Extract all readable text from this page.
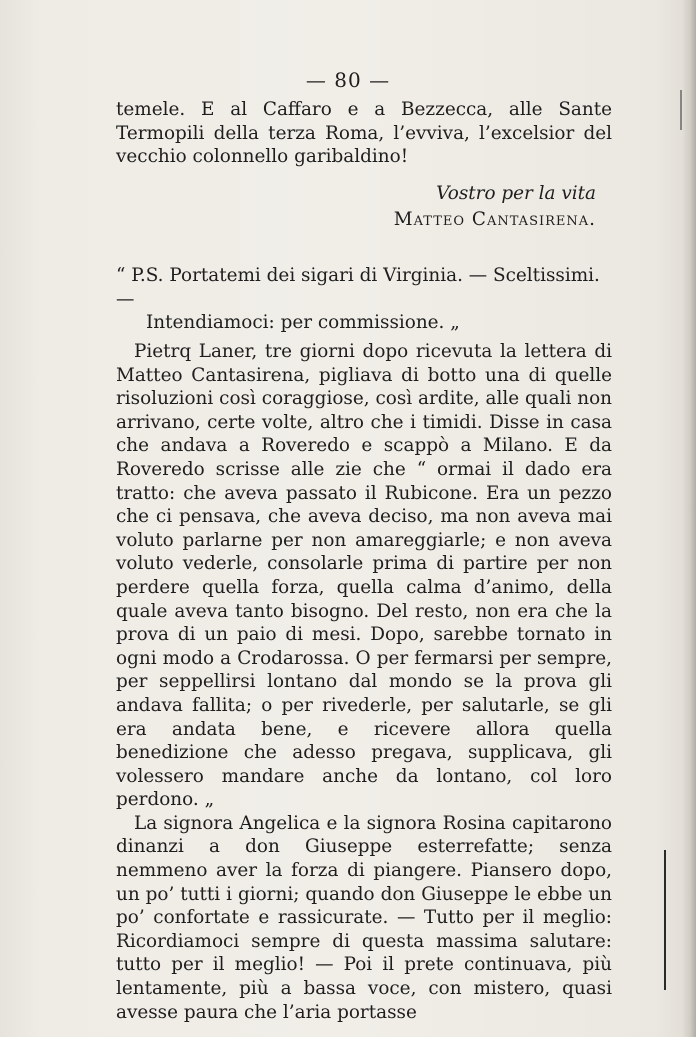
— 80 —

temele. E al Caffaro e a Bezzecca, alle Sante Termopili della terza Roma, l’evviva, l’excelsior del vecchio colonnello garibaldino!

Vostro per la vita
Matteo Cantasirena.
“ P.S. Portatemi dei sigari di Virginia. — Sceltissimi. —
Intendiamoci: per commissione. „

Pietrq Laner, tre giorni dopo ricevuta la lettera di Matteo Cantasirena, pigliava di botto una di quelle risoluzioni così coraggiose, così ardite, alle quali non arrivano, certe volte, altro che i timidi. Disse in casa che andava a Roveredo e scappò a Milano. E da Roveredo scrisse alle zie che “ ormai il dado era tratto: che aveva passato il Rubicone. Era un pezzo che ci pensava, che aveva deciso, ma non aveva mai voluto parlarne per non amareggiarle; e non aveva voluto vederle, consolarle prima di partire per non perdere quella forza, quella calma d’animo, della quale aveva tanto bisogno. Del resto, non era che la prova di un paio di mesi. Dopo, sarebbe tornato in ogni modo a Crodarossa. O per fermarsi per sempre, per seppellirsi lontano dal mondo se la prova gli andava fallita; o per rivederle, per salutarle, se gli era andata bene, e ricevere allora quella benedizione che adesso pregava, supplicava, gli volessero mandare anche da lontano, col loro perdono. „

La signora Angelica e la signora Rosina capitarono dinanzi a don Giuseppe esterrefatte; senza nemmeno aver la forza di piangere. Piansero dopo, un po’ tutti i giorni; quando don Giuseppe le ebbe un po’ confortate e rassicurate. — Tutto per il meglio: Ricordiamoci sempre di questa massima salutare: tutto per il meglio! — Poi il prete continuava, più lentamente, più a bassa voce, con mistero, quasi avesse paura che l’aria portasse
